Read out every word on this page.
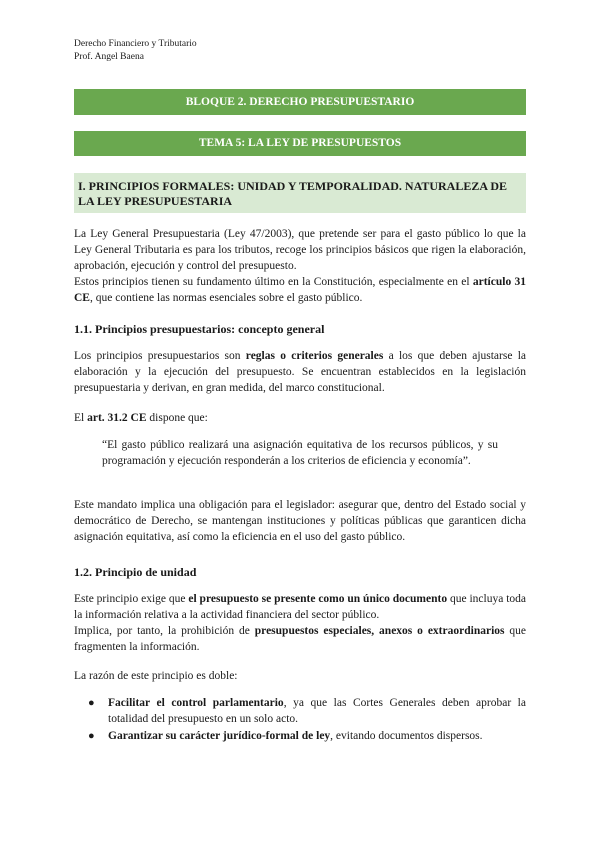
Derecho Financiero y Tributario
Prof. Angel Baena
BLOQUE 2. DERECHO PRESUPUESTARIO
TEMA 5: LA LEY DE PRESUPUESTOS
I. PRINCIPIOS FORMALES: UNIDAD Y TEMPORALIDAD. NATURALEZA DE LA LEY PRESUPUESTARIA
La Ley General Presupuestaria (Ley 47/2003), que pretende ser para el gasto público lo que la Ley General Tributaria es para los tributos, recoge los principios básicos que rigen la elaboración, aprobación, ejecución y control del presupuesto.
Estos principios tienen su fundamento último en la Constitución, especialmente en el artículo 31 CE, que contiene las normas esenciales sobre el gasto público.
1.1. Principios presupuestarios: concepto general
Los principios presupuestarios son reglas o criterios generales a los que deben ajustarse la elaboración y la ejecución del presupuesto. Se encuentran establecidos en la legislación presupuestaria y derivan, en gran medida, del marco constitucional.
El art. 31.2 CE dispone que:
“El gasto público realizará una asignación equitativa de los recursos públicos, y su programación y ejecución responderán a los criterios de eficiencia y economía”.
Este mandato implica una obligación para el legislador: asegurar que, dentro del Estado social y democrático de Derecho, se mantengan instituciones y políticas públicas que garanticen dicha asignación equitativa, así como la eficiencia en el uso del gasto público.
1.2. Principio de unidad
Este principio exige que el presupuesto se presente como un único documento que incluya toda la información relativa a la actividad financiera del sector público.
Implica, por tanto, la prohibición de presupuestos especiales, anexos o extraordinarios que fragmenten la información.
La razón de este principio es doble:
● Facilitar el control parlamentario, ya que las Cortes Generales deben aprobar la totalidad del presupuesto en un solo acto.
● Garantizar su carácter jurídico-formal de ley, evitando documentos dispersos.
